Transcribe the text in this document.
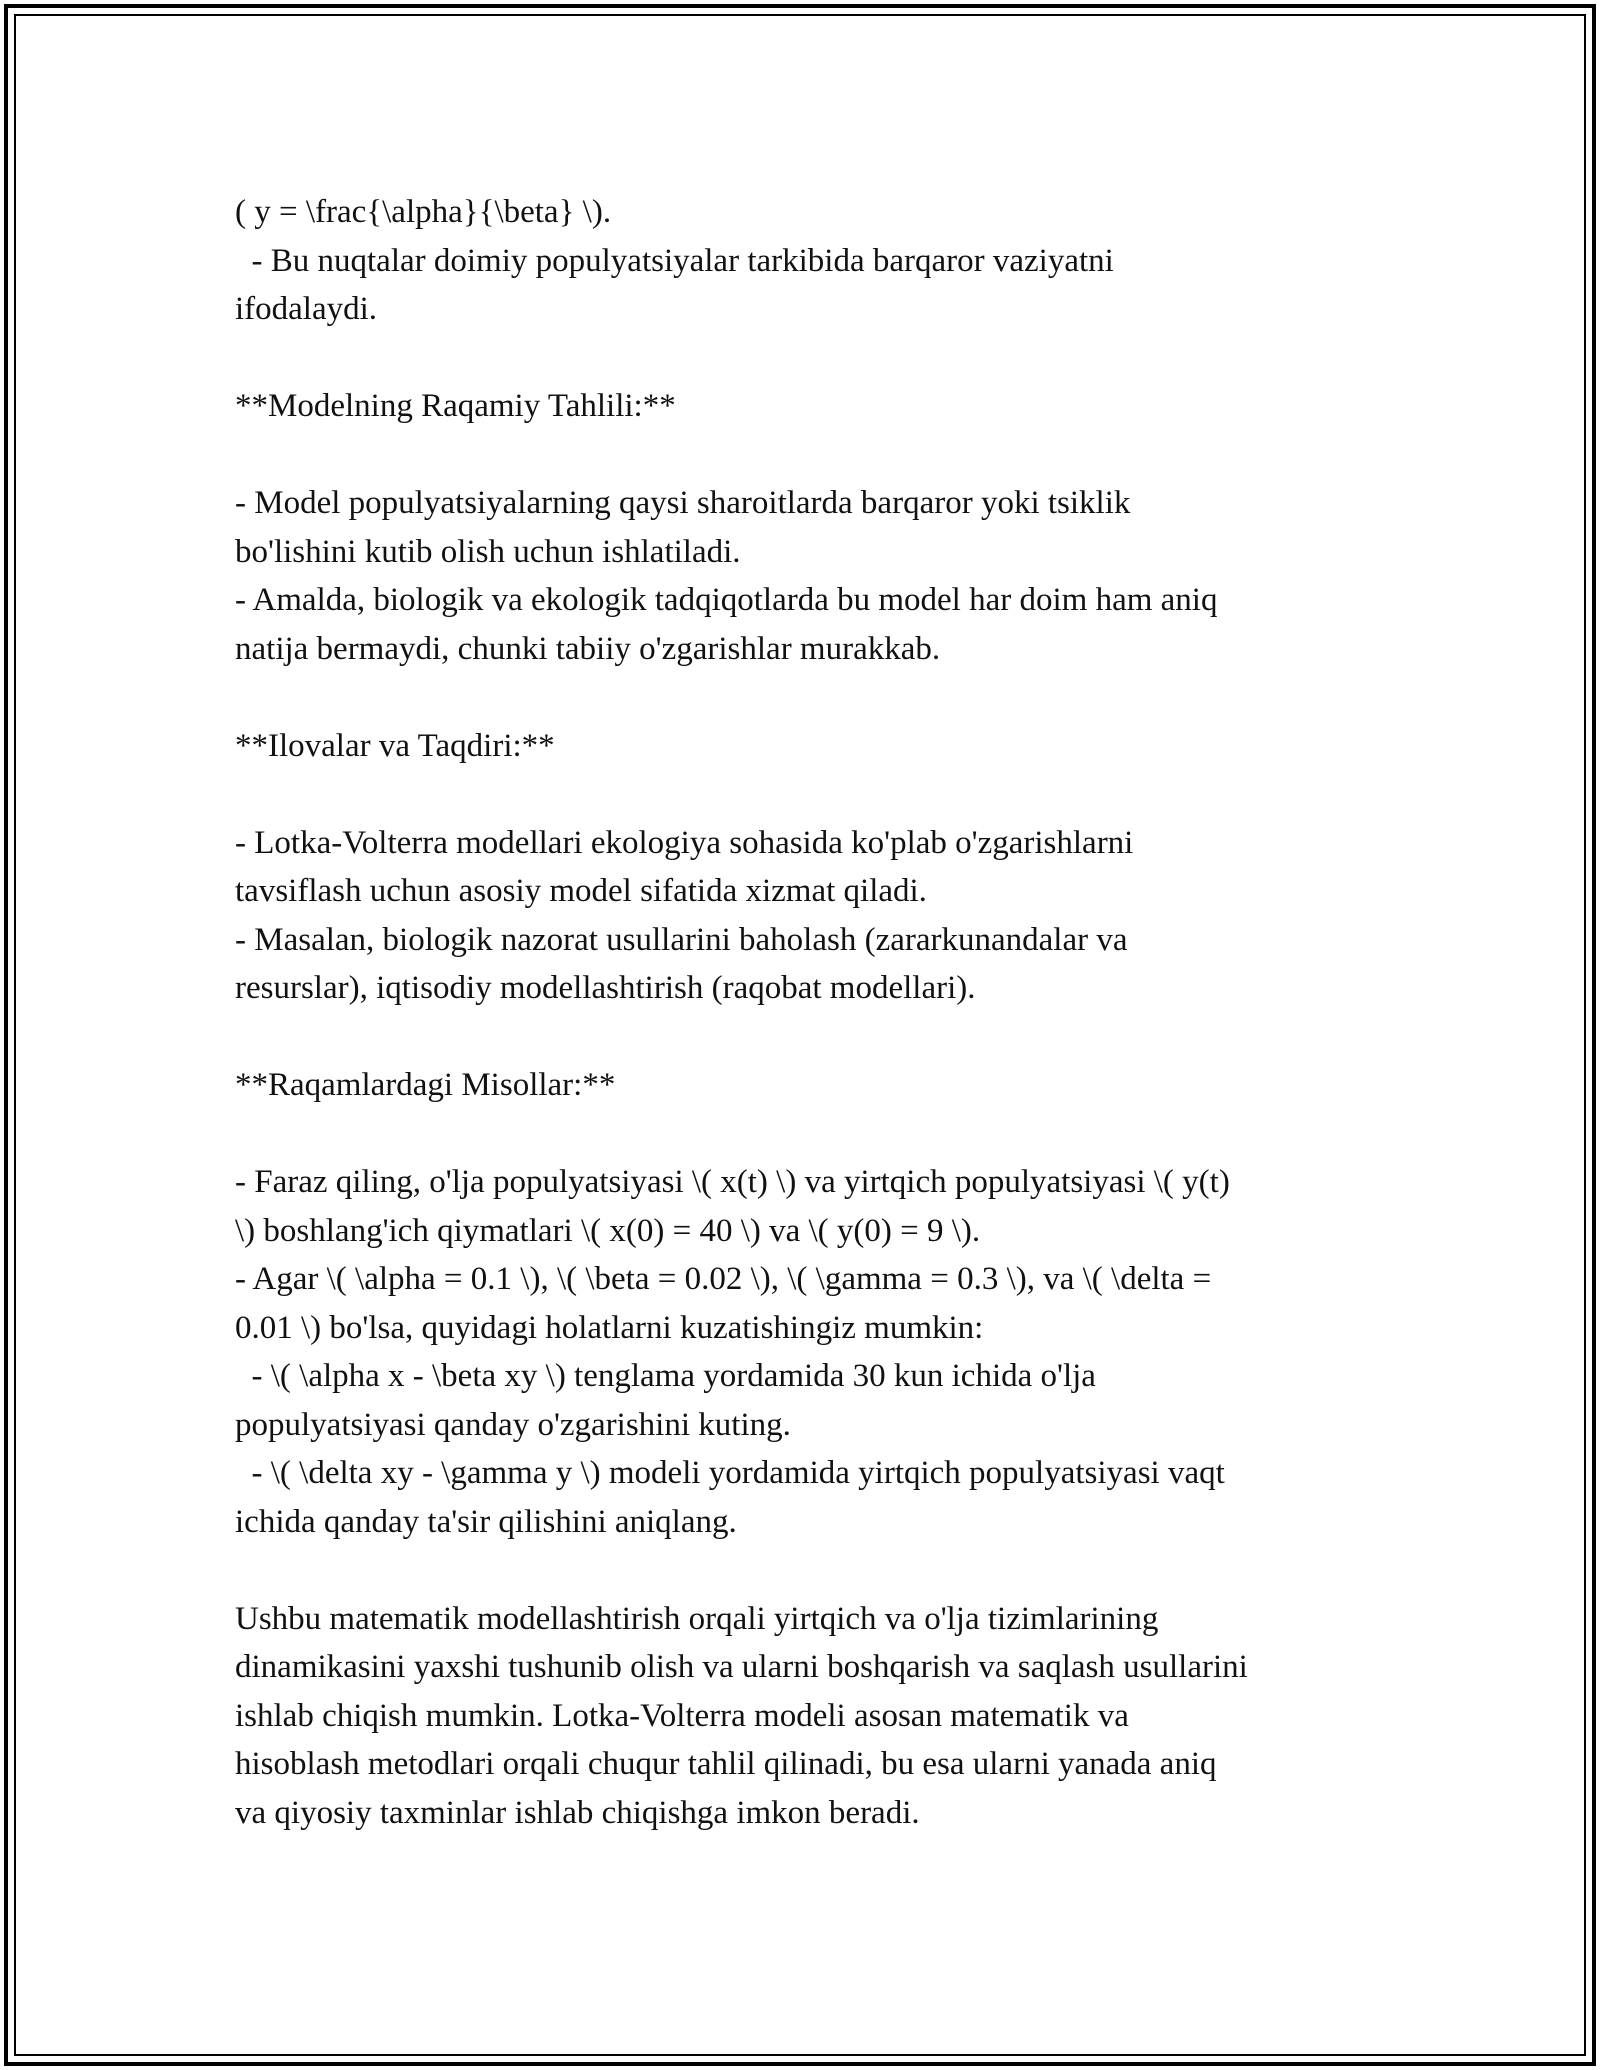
( y = \frac{\alpha}{\beta} \).
- Bu nuqtalar doimiy populyatsiyalar tarkibida barqaror vaziyatni
ifodalaydi.
**Modelning Raqamiy Tahlili:**
- Model populyatsiyalarning qaysi sharoitlarda barqaror yoki tsiklik
bo'lishini kutib olish uchun ishlatiladi.
- Amalda, biologik va ekologik tadqiqotlarda bu model har doim ham aniq
natija bermaydi, chunki tabiiy o'zgarishlar murakkab.
**Ilovalar va Taqdiri:**
- Lotka-Volterra modellari ekologiya sohasida ko'plab o'zgarishlarni
tavsiflash uchun asosiy model sifatida xizmat qiladi.
- Masalan, biologik nazorat usullarini baholash (zararkunandalar va
resurslar), iqtisodiy modellashtirish (raqobat modellari).
**Raqamlardagi Misollar:**
- Faraz qiling, o'lja populyatsiyasi \( x(t) \) va yirtqich populyatsiyasi \( y(t)
\) boshlang'ich qiymatlari \( x(0) = 40 \) va \( y(0) = 9 \).
- Agar \( \alpha = 0.1 \), \( \beta = 0.02 \), \( \gamma = 0.3 \), va \( \delta =
0.01 \) bo'lsa, quyidagi holatlarni kuzatishingiz mumkin:
- \( \alpha x - \beta xy \) tenglama yordamida 30 kun ichida o'lja
populyatsiyasi qanday o'zgarishini kuting.
- \( \delta xy - \gamma y \) modeli yordamida yirtqich populyatsiyasi vaqt
ichida qanday ta'sir qilishini aniqlang.
Ushbu matematik modellashtirish orqali yirtqich va o'lja tizimlarining
dinamikasini yaxshi tushunib olish va ularni boshqarish va saqlash usullarini
ishlab chiqish mumkin. Lotka-Volterra modeli asosan matematik va
hisoblash metodlari orqali chuqur tahlil qilinadi, bu esa ularni yanada aniq
va qiyosiy taxminlar ishlab chiqishga imkon beradi.
